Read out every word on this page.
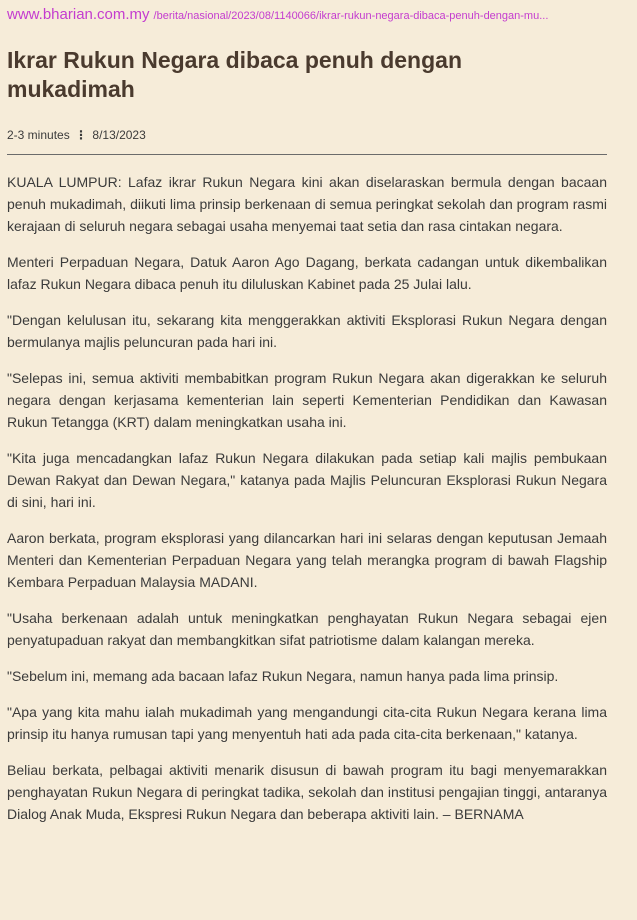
www.bharian.com.my /berita/nasional/2023/08/1140066/ikrar-rukun-negara-dibaca-penuh-dengan-mu...
Ikrar Rukun Negara dibaca penuh dengan mukadimah
2-3 minutes ⋮ 8/13/2023

KUALA LUMPUR: Lafaz ikrar Rukun Negara kini akan diselaraskan bermula dengan bacaan penuh mukadimah, diikuti lima prinsip berkenaan di semua peringkat sekolah dan program rasmi kerajaan di seluruh negara sebagai usaha menyemai taat setia dan rasa cintakan negara.

Menteri Perpaduan Negara, Datuk Aaron Ago Dagang, berkata cadangan untuk dikembalikan lafaz Rukun Negara dibaca penuh itu diluluskan Kabinet pada 25 Julai lalu.

"Dengan kelulusan itu, sekarang kita menggerakkan aktiviti Eksplorasi Rukun Negara dengan bermulanya majlis peluncuran pada hari ini.

"Selepas ini, semua aktiviti membabitkan program Rukun Negara akan digerakkan ke seluruh negara dengan kerjasama kementerian lain seperti Kementerian Pendidikan dan Kawasan Rukun Tetangga (KRT) dalam meningkatkan usaha ini.

"Kita juga mencadangkan lafaz Rukun Negara dilakukan pada setiap kali majlis pembukaan Dewan Rakyat dan Dewan Negara," katanya pada Majlis Peluncuran Eksplorasi Rukun Negara di sini, hari ini.

Aaron berkata, program eksplorasi yang dilancarkan hari ini selaras dengan keputusan Jemaah Menteri dan Kementerian Perpaduan Negara yang telah merangka program di bawah Flagship Kembara Perpaduan Malaysia MADANI.

"Usaha berkenaan adalah untuk meningkatkan penghayatan Rukun Negara sebagai ejen penyatupaduan rakyat dan membangkitkan sifat patriotisme dalam kalangan mereka.

"Sebelum ini, memang ada bacaan lafaz Rukun Negara, namun hanya pada lima prinsip.

"Apa yang kita mahu ialah mukadimah yang mengandungi cita-cita Rukun Negara kerana lima prinsip itu hanya rumusan tapi yang menyentuh hati ada pada cita-cita berkenaan," katanya.

Beliau berkata, pelbagai aktiviti menarik disusun di bawah program itu bagi menyemarakkan penghayatan Rukun Negara di peringkat tadika, sekolah dan institusi pengajian tinggi, antaranya Dialog Anak Muda, Ekspresi Rukun Negara dan beberapa aktiviti lain. – BERNAMA
